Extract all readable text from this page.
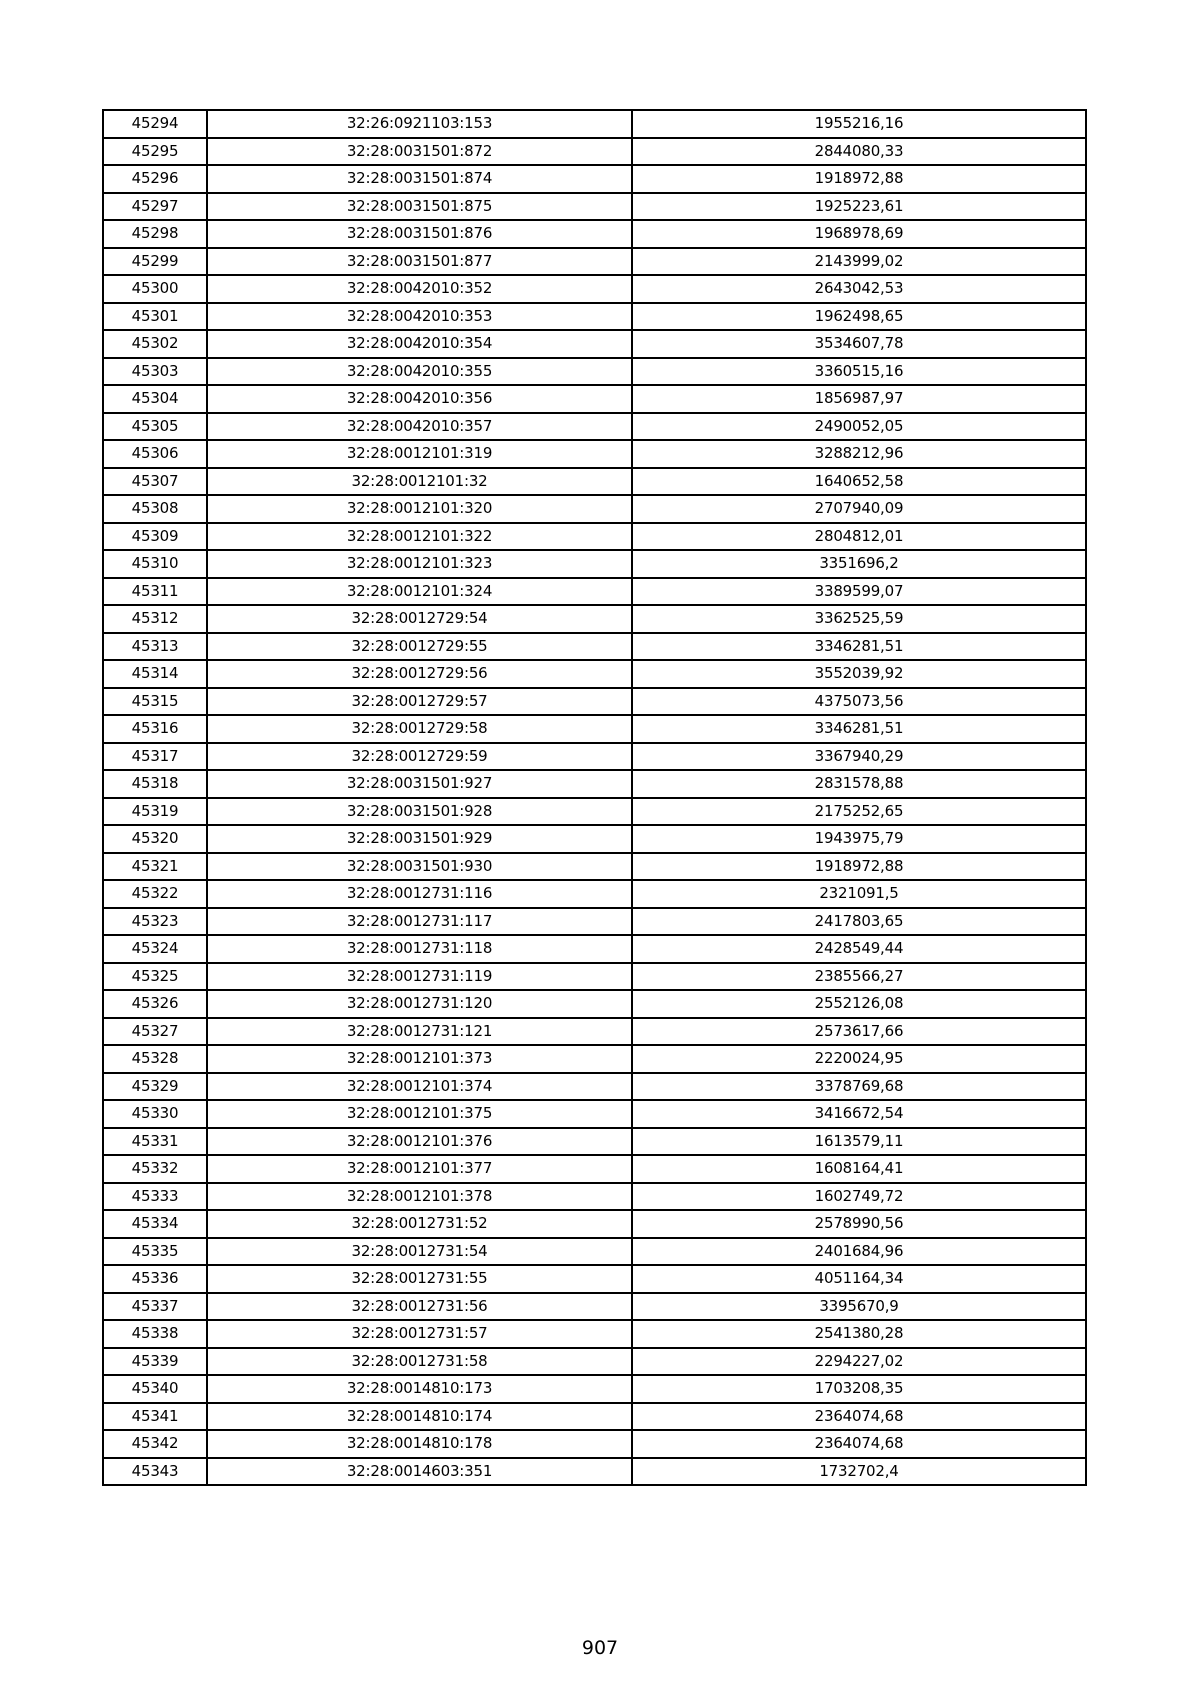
45294	32:26:0921103:153	1955216,16
45295	32:28:0031501:872	2844080,33
45296	32:28:0031501:874	1918972,88
45297	32:28:0031501:875	1925223,61
45298	32:28:0031501:876	1968978,69
45299	32:28:0031501:877	2143999,02
45300	32:28:0042010:352	2643042,53
45301	32:28:0042010:353	1962498,65
45302	32:28:0042010:354	3534607,78
45303	32:28:0042010:355	3360515,16
45304	32:28:0042010:356	1856987,97
45305	32:28:0042010:357	2490052,05
45306	32:28:0012101:319	3288212,96
45307	32:28:0012101:32	1640652,58
45308	32:28:0012101:320	2707940,09
45309	32:28:0012101:322	2804812,01
45310	32:28:0012101:323	3351696,2
45311	32:28:0012101:324	3389599,07
45312	32:28:0012729:54	3362525,59
45313	32:28:0012729:55	3346281,51
45314	32:28:0012729:56	3552039,92
45315	32:28:0012729:57	4375073,56
45316	32:28:0012729:58	3346281,51
45317	32:28:0012729:59	3367940,29
45318	32:28:0031501:927	2831578,88
45319	32:28:0031501:928	2175252,65
45320	32:28:0031501:929	1943975,79
45321	32:28:0031501:930	1918972,88
45322	32:28:0012731:116	2321091,5
45323	32:28:0012731:117	2417803,65
45324	32:28:0012731:118	2428549,44
45325	32:28:0012731:119	2385566,27
45326	32:28:0012731:120	2552126,08
45327	32:28:0012731:121	2573617,66
45328	32:28:0012101:373	2220024,95
45329	32:28:0012101:374	3378769,68
45330	32:28:0012101:375	3416672,54
45331	32:28:0012101:376	1613579,11
45332	32:28:0012101:377	1608164,41
45333	32:28:0012101:378	1602749,72
45334	32:28:0012731:52	2578990,56
45335	32:28:0012731:54	2401684,96
45336	32:28:0012731:55	4051164,34
45337	32:28:0012731:56	3395670,9
45338	32:28:0012731:57	2541380,28
45339	32:28:0012731:58	2294227,02
45340	32:28:0014810:173	1703208,35
45341	32:28:0014810:174	2364074,68
45342	32:28:0014810:178	2364074,68
45343	32:28:0014603:351	1732702,4
907
